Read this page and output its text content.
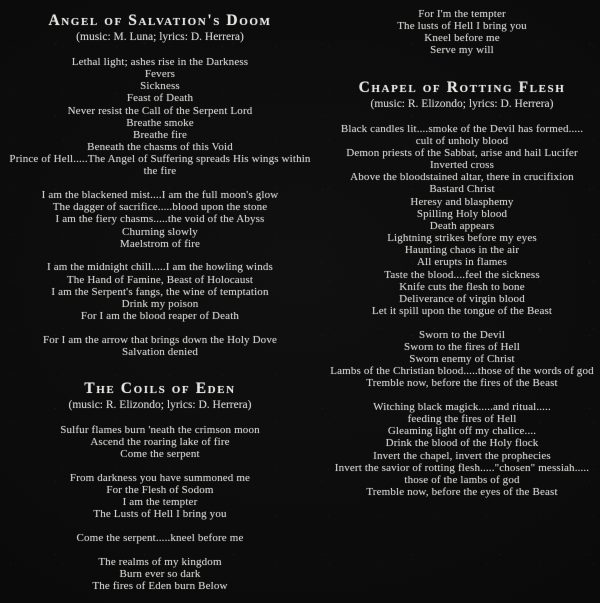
Angel of Salvation's Doom
(music: M. Luna; lyrics: D. Herrera)
Lethal light; ashes rise in the Darkness
Fevers
Sickness
Feast of Death
Never resist the Call of the Serpent Lord
Breathe smoke
Breathe fire
Beneath the chasms of this Void
Prince of Hell.....The Angel of Suffering spreads His wings within
the fire
I am the blackened mist....I am the full moon's glow
The dagger of sacrifice.....blood upon the stone
I am the fiery chasms.....the void of the Abyss
Churning slowly
Maelstrom of fire
I am the midnight chill.....I am the howling winds
The Hand of Famine, Beast of Holocaust
I am the Serpent's fangs, the wine of temptation
Drink my poison
For I am the blood reaper of Death
For I am the arrow that brings down the Holy Dove
Salvation denied
The Coils of Eden
(music: R. Elizondo; lyrics: D. Herrera)
Sulfur flames burn 'neath the crimson moon
Ascend the roaring lake of fire
Come the serpent
From darkness you have summoned me
For the Flesh of Sodom
I am the tempter
The Lusts of Hell I bring you
Come the serpent.....kneel before me
The realms of my kingdom
Burn ever so dark
The fires of Eden burn Below
For I'm the tempter
The lusts of Hell I bring you
Kneel before me
Serve my will
Chapel of Rotting Flesh
(music: R. Elizondo; lyrics: D. Herrera)
Black candles lit....smoke of the Devil has formed.....
cult of unholy blood
Demon priests of the Sabbat, arise and hail Lucifer
Inverted cross
Above the bloodstained altar, there in crucifixion
Bastard Christ
Heresy and blasphemy
Spilling Holy blood
Death appears
Lightning strikes before my eyes
Haunting chaos in the air
All erupts in flames
Taste the blood....feel the sickness
Knife cuts the flesh to bone
Deliverance of virgin blood
Let it spill upon the tongue of the Beast
Sworn to the Devil
Sworn to the fires of Hell
Sworn enemy of Christ
Lambs of the Christian blood.....those of the words of god
Tremble now, before the fires of the Beast
Witching black magick.....and ritual.....
feeding the fires of Hell
Gleaming light off my chalice....
Drink the blood of the Holy flock
Invert the chapel, invert the prophecies
Invert the savior of rotting flesh....."chosen" messiah.....
those of the lambs of god
Tremble now, before the eyes of the Beast
